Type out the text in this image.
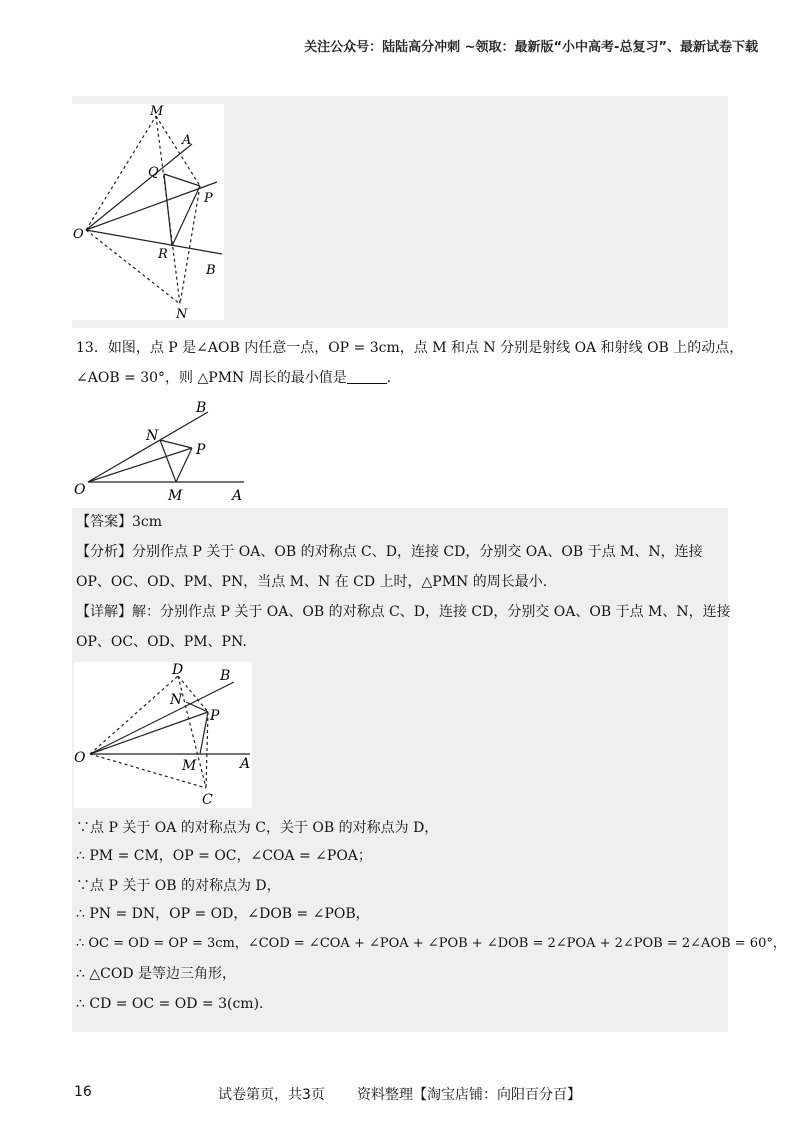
关注公众号：陆陆高分冲刺 ~领取：最新版“小中高考-总复习”、最新试卷下载
M
A
Q
P
O
R
B
N
13．如图，点 P 是∠AOB 内任意一点，OP = 3cm，点 M 和点 N 分别是射线 OA 和射线 OB 上的动点，
∠AOB = 30°，则 △PMN 周长的最小值是	.
B
N
P
O	M	A
D	B
N
P
O	M	A
C
【答案】3cm
【分析】分别作点 P 关于 OA、OB 的对称点 C、D，连接 CD，分别交 OA、OB 于点 M、N，连接
OP、OC、OD、PM、PN，当点 M、N 在 CD 上时，△PMN 的周长最小.
【详解】解：分别作点 P 关于 OA、OB 的对称点 C、D，连接 CD，分别交 OA、OB 于点 M、N，连接
OP、OC、OD、PM、PN.
∵点 P 关于 OA 的对称点为 C，关于 OB 的对称点为 D，
∴ PM = CM，OP = OC，∠COA = ∠POA；
∵点 P 关于 OB 的对称点为 D，
∴ PN = DN，OP = OD，∠DOB = ∠POB，
∴ OC = OD = OP = 3cm，∠COD = ∠COA + ∠POA + ∠POB + ∠DOB = 2∠POA + 2∠POB = 2∠AOB = 60°，
∴ △COD 是等边三角形，
∴ CD = OC = OD = 3(cm).
16	试卷第页，共3页 资料整理【淘宝店铺：向阳百分百】
